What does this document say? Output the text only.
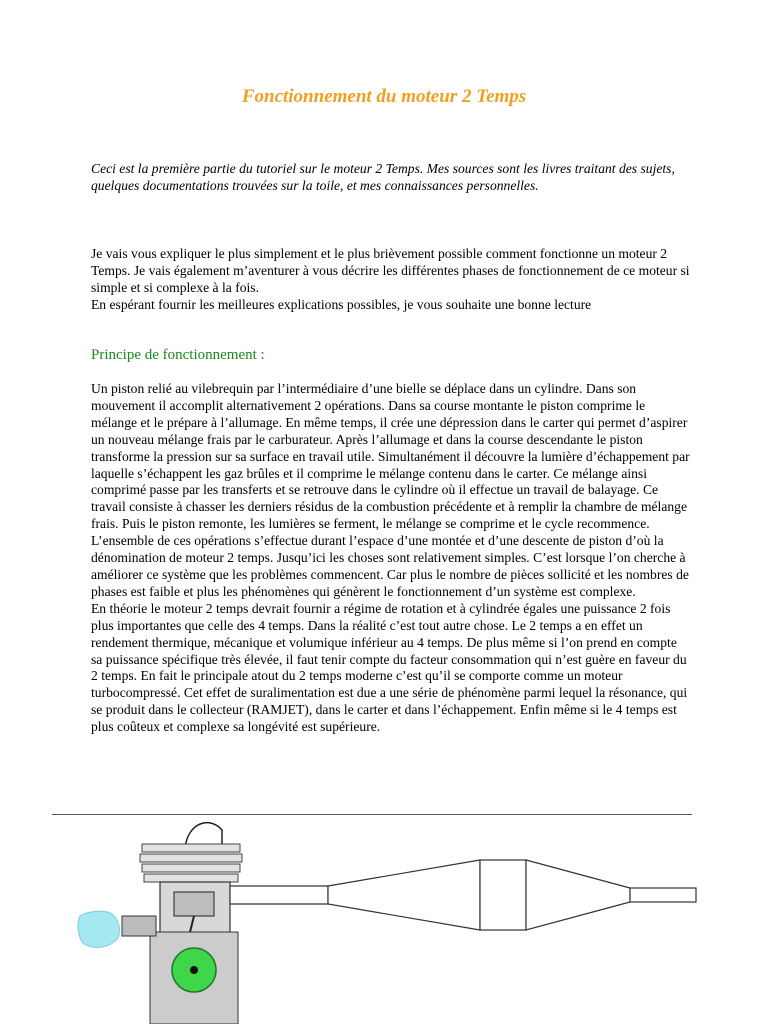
Fonctionnement du moteur 2 Temps
Ceci est la première partie du tutoriel sur le moteur 2 Temps. Mes sources sont les livres traitant des sujets, quelques documentations trouvées sur la toile, et mes connaissances personnelles.

Je vais vous expliquer le plus simplement et le plus brièvement possible comment fonctionne un moteur 2 Temps. Je vais également m’aventurer à vous décrire les différentes phases de fonctionnement de ce moteur si simple et si complexe à la fois.

En espérant fournir les meilleures explications possibles, je vous souhaite une bonne lecture

Principe de fonctionnement :

Un piston relié au vilebrequin par l’intermédiaire d’une bielle se déplace dans un cylindre. Dans son mouvement il accomplit alternativement 2 opérations. Dans sa course montante le piston comprime le mélange et le prépare à l’allumage. En même temps, il crée une dépression dans le carter qui permet d’aspirer un nouveau mélange frais par le carburateur. Après l’allumage et dans la course descendante le piston transforme la pression sur sa surface en travail utile. Simultanément il découvre la lumière d’échappement par laquelle s’échappent les gaz brûles et il comprime le mélange contenu dans le carter. Ce mélange ainsi comprimé passe par les transferts et se retrouve dans le cylindre où il effectue un travail de balayage. Ce travail consiste à chasser les derniers résidus de la combustion précédente et à remplir la chambre de mélange frais. Puis le piston remonte, les lumières se ferment, le mélange se comprime et le cycle recommence.

L’ensemble de ces opérations s’effectue durant l’espace d’une montée et d’une descente de piston d’où la dénomination de moteur 2 temps. Jusqu’ici les choses sont relativement simples. C’est lorsque l’on cherche à améliorer ce système que les problèmes commencent. Car plus le nombre de pièces sollicité et les nombres de phases est faible et plus les phénomènes qui génèrent le fonctionnement d’un système est complexe.

En théorie le moteur 2 temps devrait fournir a régime de rotation et à cylindrée égales une puissance 2 fois plus importantes que celle des 4 temps. Dans la réalité c’est tout autre chose. Le 2 temps a en effet un rendement thermique, mécanique et volumique inférieur au 4 temps. De plus même si l’on prend en compte sa puissance spécifique très élevée, il faut tenir compte du facteur consommation qui n’est guère en faveur du 2 temps. En fait le principale atout du 2 temps moderne c’est qu’il se comporte comme un moteur turbocompressé. Cet effet de suralimentation est due a une série de phénomène parmi lequel la résonance, qui se produit dans le collecteur (RAMJET), dans le carter et dans l’échappement. Enfin même si le 4 temps est plus coûteux et complexe sa longévité est supérieure.
